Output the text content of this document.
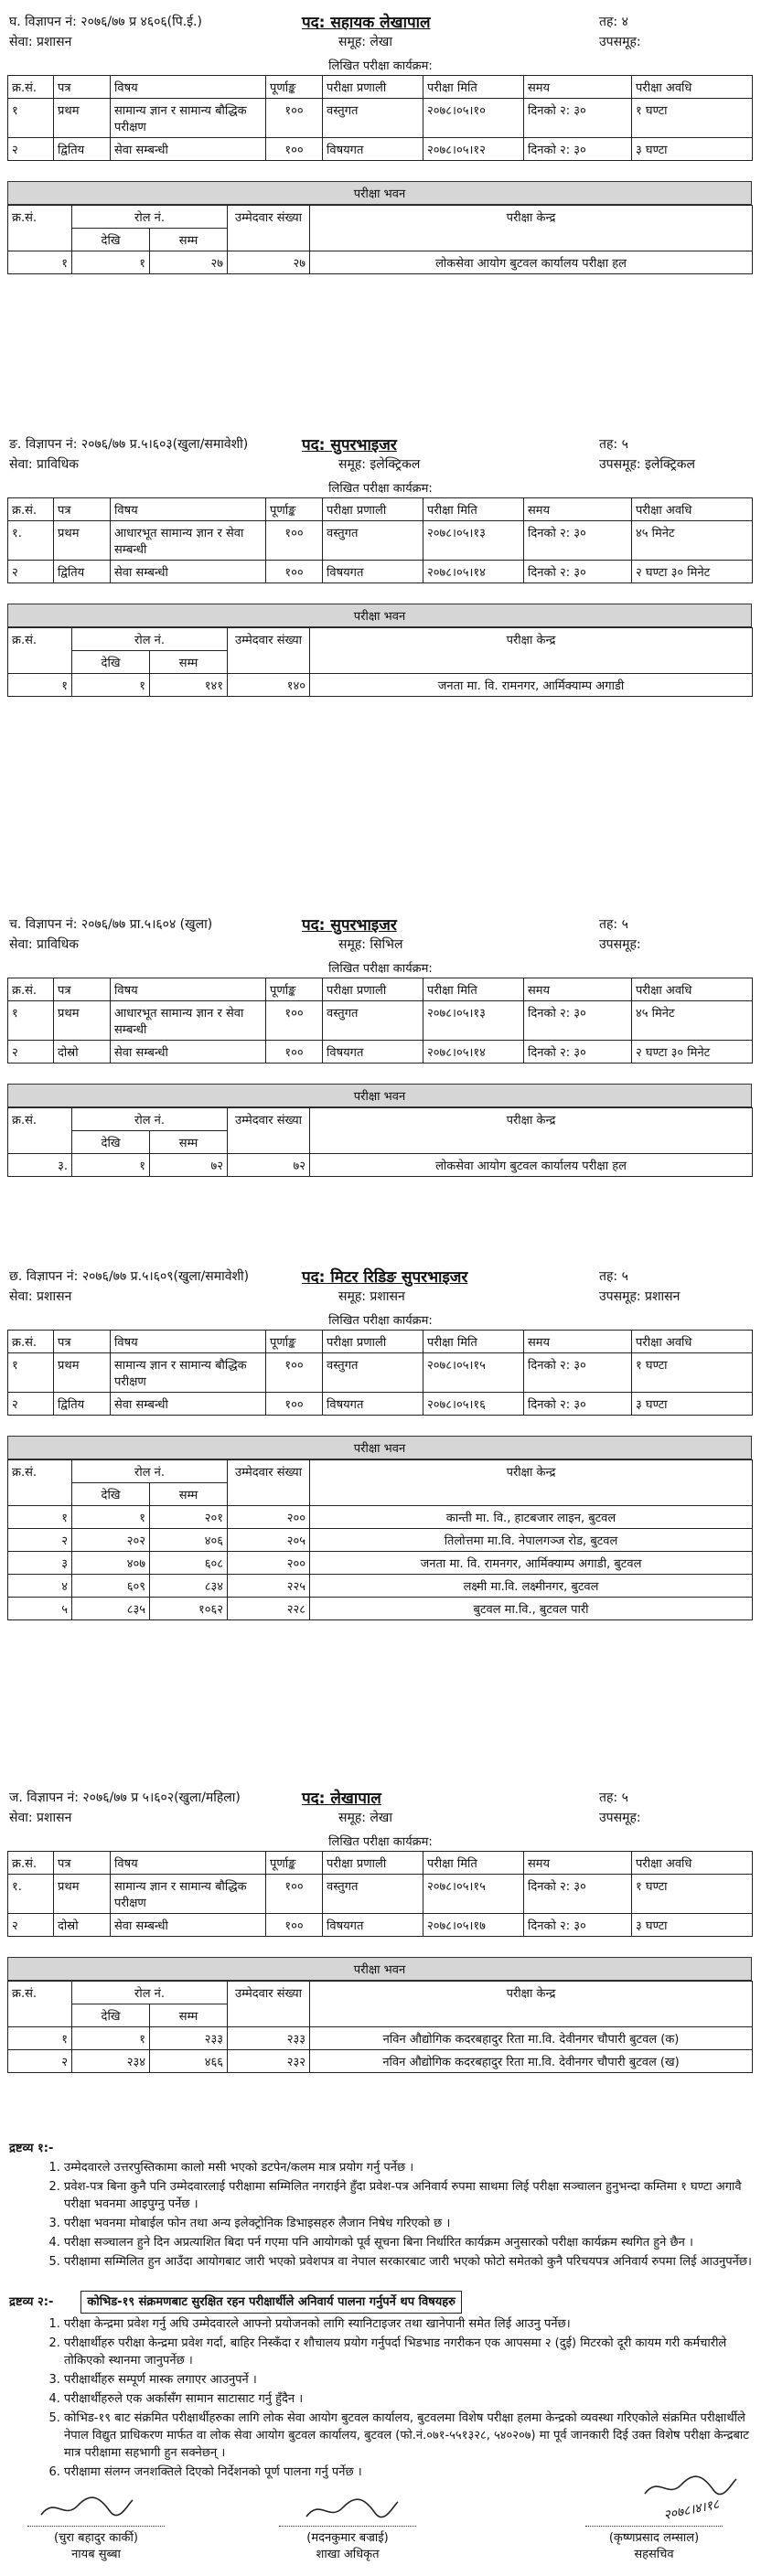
घ. विज्ञापन नं: २०७६/७७ प्र ४६०६(पि.ई.)
सेवा: प्रशासन
पद: सहायक लेखापाल
समूह: लेखा
तह: ४
उपसमूह:
लिखित परीक्षा कार्यक्रम:
क्र.सं.	पत्र	विषय	पूर्णाङ्क	परीक्षा प्रणाली	परीक्षा मिति	समय	परीक्षा अवधि
१	प्रथम	सामान्य ज्ञान र सामान्य बौद्धिक परीक्षण	१००	वस्तुगत	२०७८।०५।१०	दिनको २: ३०	१ घण्टा
२	द्वितिय	सेवा सम्बन्धी	१००	विषयगत	२०७८।०५।१२	दिनको २: ३०	३ घण्टा
परीक्षा भवन
क्र.सं.	रोल नं.		उम्मेदवार संख्या	परीक्षा केन्द्र
	देखि	सम्म		
१	१	२७	२७	लोकसेवा आयोग बुटवल कार्यालय परीक्षा हल
ङ. विज्ञापन नं: २०७६/७७ प्र.५।६०३(खुला/समावेशी)
सेवा: प्राविधिक
पद: सुपरभाइजर
समूह: इलेक्ट्रिकल
तह: ५
उपसमूह: इलेक्ट्रिकल
लिखित परीक्षा कार्यक्रम:
क्र.सं.	पत्र	विषय	पूर्णाङ्क	परीक्षा प्रणाली	परीक्षा मिति	समय	परीक्षा अवधि
१.	प्रथम	आधारभूत सामान्य ज्ञान र सेवा सम्बन्धी	१००	वस्तुगत	२०७८।०५।१३	दिनको २: ३०	४५ मिनेट
२	द्वितिय	सेवा सम्बन्धी	१००	विषयगत	२०७८।०५।१४	दिनको २: ३०	२ घण्टा ३० मिनेट
परीक्षा भवन
क्र.सं.	रोल नं.		उम्मेदवार संख्या	परीक्षा केन्द्र
	देखि	सम्म		
१	१	१४१	१४०	जनता मा. वि. रामनगर, आर्मिक्याम्प अगाडी
च. विज्ञापन नं: २०७६/७७ प्रा.५।६०४ (खुला)
सेवा: प्राविधिक
पद: सुपरभाइजर
समूह: सिभिल
तह: ५
उपसमूह:
लिखित परीक्षा कार्यक्रम:
क्र.सं.	पत्र	विषय	पूर्णाङ्क	परीक्षा प्रणाली	परीक्षा मिति	समय	परीक्षा अवधि
१	प्रथम	आधारभूत सामान्य ज्ञान र सेवा सम्बन्धी	१००	वस्तुगत	२०७८।०५।१३	दिनको २: ३०	४५ मिनेट
२	दोस्रो	सेवा सम्बन्धी	१००	विषयगत	२०७८।०५।१४	दिनको २: ३०	२ घण्टा ३० मिनेट
परीक्षा भवन
क्र.सं.	रोल नं.		उम्मेदवार संख्या	परीक्षा केन्द्र
	देखि	सम्म		
३.	१	७२	७२	लोकसेवा आयोग बुटवल कार्यालय परीक्षा हल
छ. विज्ञापन नं: २०७६/७७ प्र.५।६०९(खुला/समावेशी)
सेवा: प्रशासन
पद: मिटर रिडिङ सुपरभाइजर
समूह: प्रशासन
तह: ५
उपसमूह: प्रशासन
लिखित परीक्षा कार्यक्रम:
क्र.सं.	पत्र	विषय	पूर्णाङ्क	परीक्षा प्रणाली	परीक्षा मिति	समय	परीक्षा अवधि
१	प्रथम	सामान्य ज्ञान र सामान्य बौद्धिक परीक्षण	१००	वस्तुगत	२०७८।०५।१५	दिनको २: ३०	१ घण्टा
२	द्वितिय	सेवा सम्बन्धी	१००	विषयगत	२०७८।०५।१६	दिनको २: ३०	३ घण्टा
परीक्षा भवन
क्र.सं.	रोल नं.		उम्मेदवार संख्या	परीक्षा केन्द्र
	देखि	सम्म		
१	१	२०१	२००	कान्ती मा. वि., हाटबजार लाइन, बुटवल
२	२०२	४०६	२०५	तिलोत्तमा मा.वि. नेपालगञ्ज रोड, बुटवल
३	४०७	६०८	२००	जनता मा. वि. रामनगर, आर्मिक्याम्प अगाडी, बुटवल
४	६०९	८३४	२२५	लक्ष्मी मा.वि. लक्ष्मीनगर, बुटवल
५	८३५	१०६२	२२८	बुटवल मा.वि., बुटवल पारी
ज. विज्ञापन नं: २०७६/७७ प्र ५।६०२(खुला/महिला)
सेवा: प्रशासन
पद: लेखापाल
समूह: लेखा
तह: ५
उपसमूह:
लिखित परीक्षा कार्यक्रम:
क्र.सं.	पत्र	विषय	पूर्णाङ्क	परीक्षा प्रणाली	परीक्षा मिति	समय	परीक्षा अवधि
१.	प्रथम	सामान्य ज्ञान र सामान्य बौद्धिक परीक्षण	१००	वस्तुगत	२०७८।०५।१५	दिनको २: ३०	१ घण्टा
२	दोस्रो	सेवा सम्बन्धी	१००	विषयगत	२०७८।०५।१७	दिनको २: ३०	३ घण्टा
परीक्षा भवन
क्र.सं.	रोल नं.		उम्मेदवार संख्या	परीक्षा केन्द्र
	देखि	सम्म		
१	१	२३३	२३३	नविन औद्योगिक कदरबहादुर रिता मा.वि. देवीनगर चौपारी बुटवल (क)
२	२३४	४६६	२३२	नविन औद्योगिक कदरबहादुर रिता मा.वि. देवीनगर चौपारी बुटवल (ख)
द्रष्टव्य १:-
1. उम्मेदवारले उत्तरपुस्तिकामा कालो मसी भएको डटपेन/कलम मात्र प्रयोग गर्नु पर्नेछ ।
2. प्रवेश-पत्र बिना कुनै पनि उम्मेदवारलाई परीक्षामा सम्मिलित नगराईने हुँदा प्रवेश-पत्र अनिवार्य रुपमा साथमा लिई परीक्षा सञ्चालन हुनुभन्दा कम्तिमा १ घण्टा अगावै परीक्षा भवनमा आइपुग्नु पर्नेछ ।
3. परीक्षा भवनमा मोबाईल फोन तथा अन्य इलेक्ट्रोनिक डिभाइसहरु लैजान निषेध गरिएको छ ।
4. परीक्षा सञ्चालन हुने दिन अप्रत्याशित बिदा पर्न गएमा पनि आयोगको पूर्व सूचना बिना निर्धारित कार्यक्रम अनुसारको परीक्षा कार्यक्रम स्थगित हुने छैन ।
5. परीक्षामा सम्मिलित हुन आउँदा आयोगबाट जारी भएको प्रवेशपत्र वा नेपाल सरकारबाट जारी भएको फोटो समेतको कुनै परिचयपत्र अनिवार्य रुपमा लिई आउनुपर्नेछ।
द्रष्टव्य २:-	कोभिड-१९ संक्रमणबाट सुरक्षित रहन परीक्षार्थीले अनिवार्य पालना गर्नुपर्ने थप विषयहरु
1. परीक्षा केन्द्रमा प्रवेश गर्नु अघि उम्मेदवारले आफ्नो प्रयोजनको लागि स्यानिटाइजर तथा खानेपानी समेत लिई आउनु पर्नेछ।
2. परीक्षार्थीहरु परीक्षा केन्द्रमा प्रवेश गर्दा, बाहिर निस्कँदा र शौचालय प्रयोग गर्नुपर्दा भिडभाड नगरीकन एक आपसमा २ (दुई) मिटरको दूरी कायम गरी कर्मचारीले तोकिएको स्थानमा जानुपर्नेछ ।
3. परीक्षार्थीहरु सम्पूर्ण मास्क लगाएर आउनुपर्ने ।
4. परीक्षार्थीहरुले एक अर्कासँग सामान साटासाट गर्नु हुँदैन ।
5. कोभिड-१९ बाट संक्रमित परीक्षार्थीहरुका लागि लोक सेवा आयोग बुटवल कार्यालय, बुटवलमा विशेष परीक्षा हलमा केन्द्रको व्यवस्था गरिएकोले संक्रमित परीक्षार्थीले नेपाल विद्युत प्राधिकरण मार्फत वा लोक सेवा आयोग बुटवल कार्यालय, बुटवल (फो.नं.०७१-५५१३२८, ५४०२०७) मा पूर्व जानकारी दिई उक्त विशेष परीक्षा केन्द्रबाट मात्र परीक्षामा सहभागी हुन सक्नेछन् ।
6. परीक्षामा संलग्न जनशक्तिले दिएको निर्देशनको पूर्ण पालना गर्नु पर्नेछ ।
(चुरा बहादुर कार्की)
नायब सुब्बा
(मदनकुमार बज्राई)
शाखा अधिकृत
(कृष्णप्रसाद लम्साल)
सहसचिव
२०७८।४।१८
